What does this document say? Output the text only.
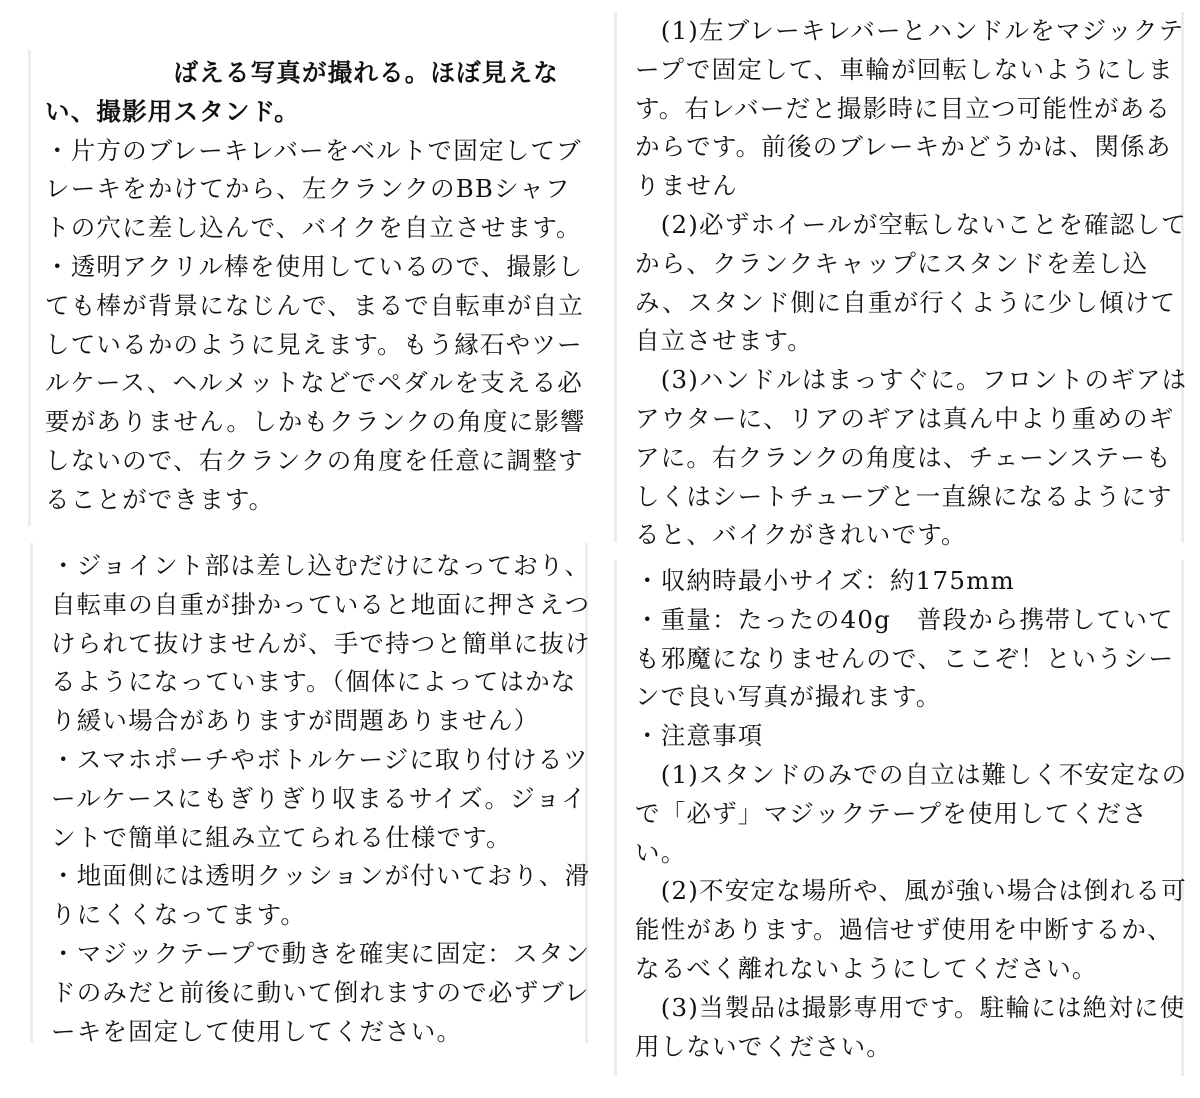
　　　　　ばえる写真が撮れる。ほぼ見えな
い、撮影用スタンド。
・片方のブレーキレバーをベルトで固定してブ
レーキをかけてから、左クランクのBBシャフ
トの穴に差し込んで、バイクを自立させます。
・透明アクリル棒を使用しているので、撮影し
ても棒が背景になじんで、まるで自転車が自立
しているかのように見えます。もう縁石やツー
ルケース、ヘルメットなどでペダルを支える必
要がありません。しかもクランクの角度に影響
しないので、右クランクの角度を任意に調整す
ることができます。
　(1)左ブレーキレバーとハンドルをマジックテ
ープで固定して、車輪が回転しないようにしま
す。右レバーだと撮影時に目立つ可能性がある
からです。前後のブレーキかどうかは、関係あ
りません
　(2)必ずホイールが空転しないことを確認して
から、クランクキャップにスタンドを差し込
み、スタンド側に自重が行くように少し傾けて
自立させます。
　(3)ハンドルはまっすぐに。フロントのギアは
アウターに、リアのギアは真ん中より重めのギ
アに。右クランクの角度は、チェーンステーも
しくはシートチューブと一直線になるようにす
ると、バイクがきれいです。
・ジョイント部は差し込むだけになっており、
自転車の自重が掛かっていると地面に押さえつ
けられて抜けませんが、手で持つと簡単に抜け
るようになっています。（個体によってはかな
り緩い場合がありますが問題ありません）
・スマホポーチやボトルケージに取り付けるツ
ールケースにもぎりぎり収まるサイズ。ジョイ
ントで簡単に組み立てられる仕様です。
・地面側には透明クッションが付いており、滑
りにくくなってます。
・マジックテープで動きを確実に固定：スタン
ドのみだと前後に動いて倒れますので必ずブレ
ーキを固定して使用してください。
・収納時最小サイズ：約175mm
・重量：たったの40g　普段から携帯していて
も邪魔になりませんので、ここぞ！というシー
ンで良い写真が撮れます。
・注意事項
　(1)スタンドのみでの自立は難しく不安定なの
で「必ず」マジックテープを使用してくださ
い。
　(2)不安定な場所や、風が強い場合は倒れる可
能性があります。過信せず使用を中断するか、
なるべく離れないようにしてください。
　(3)当製品は撮影専用です。駐輪には絶対に使
用しないでください。
